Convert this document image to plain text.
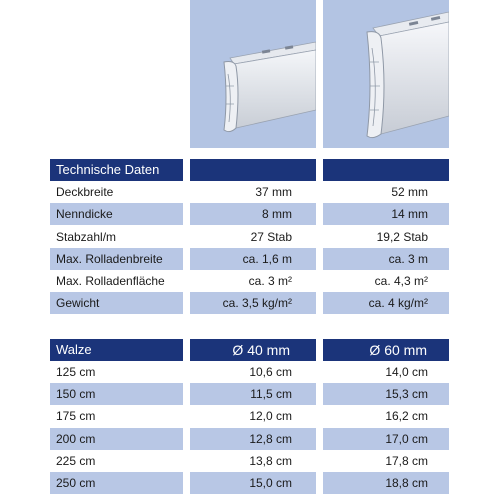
Technische Daten
Deckbreite	37 mm	52 mm
Nenndicke	8 mm	14 mm
Stabzahl/m	27 Stab	19,2 Stab
Max. Rolladenbreite	ca. 1,6 m	ca. 3 m
Max. Rolladenfläche	ca. 3 m²	ca. 4,3 m²
Gewicht	ca. 3,5 kg/m²	ca. 4 kg/m²
Walze	Ø 40 mm	Ø 60 mm
125 cm	10,6 cm	14,0 cm
150 cm	11,5 cm	15,3 cm
175 cm	12,0 cm	16,2 cm
200 cm	12,8 cm	17,0 cm
225 cm	13,8 cm	17,8 cm
250 cm	15,0 cm	18,8 cm
